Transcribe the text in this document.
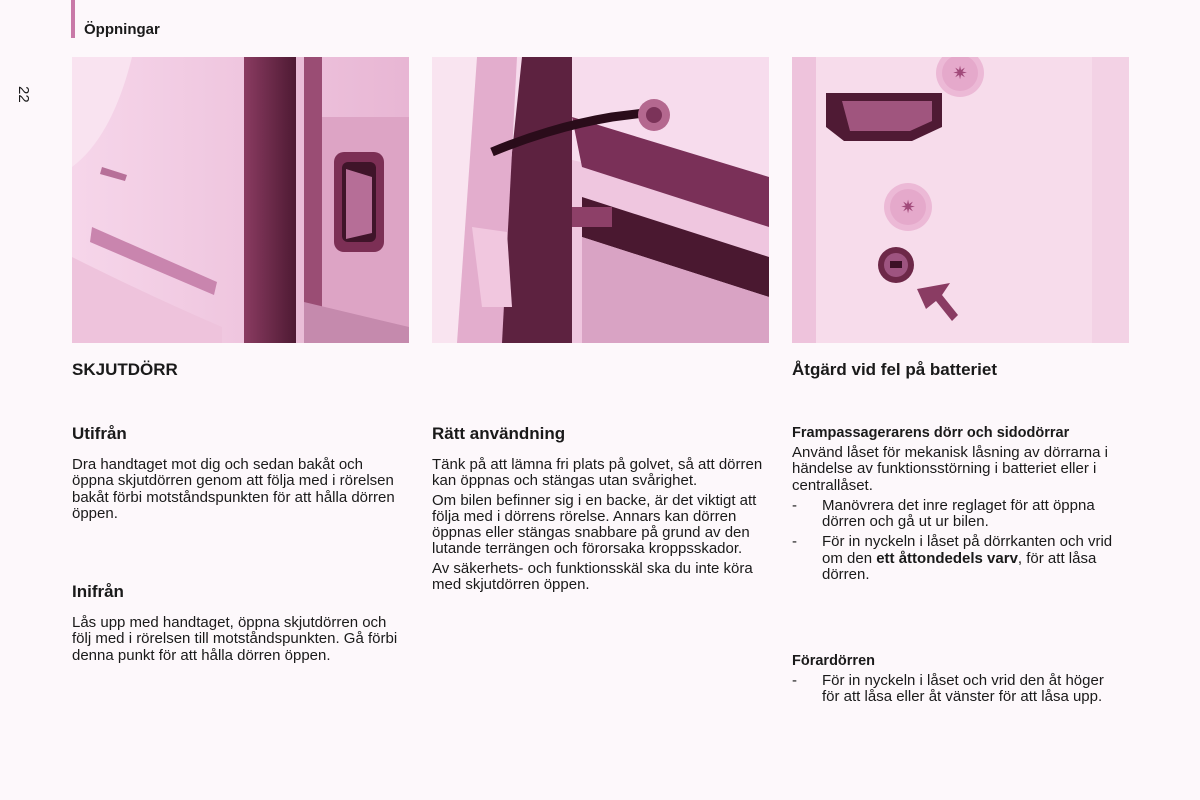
Öppningar
22
✷
✷
SKJUTDÖRR
Utifrån

Dra handtaget mot dig och sedan bakåt och öppna skjutdörren genom att följa med i rörelsen bakåt förbi motståndspunkten för att hålla dörren öppen.

Inifrån

Lås upp med handtaget, öppna skjutdörren och följ med i rörelsen till motståndspunkten. Gå förbi denna punkt för att hålla dörren öppen.

Rätt användning

Tänk på att lämna fri plats på golvet, så att dörren kan öppnas och stängas utan svårighet.

Om bilen befinner sig i en backe, är det viktigt att följa med i dörrens rörelse. Annars kan dörren öppnas eller stängas snabbare på grund av den lutande terrängen och förorsaka kroppsskador.

Av säkerhets- och funktionsskäl ska du inte köra med skjutdörren öppen.

Åtgärd vid fel på batteriet
Frampassagerarens dörr och sidodörrar

Använd låset för mekanisk låsning av dörrarna i händelse av funktionsstörning i batteriet eller i centrallåset.

- Manövrera det inre reglaget för att öppna dörren och gå ut ur bilen.
- För in nyckeln i låset på dörrkanten och vrid om den ett åttondedels varv, för att låsa dörren.
Förardörren
- För in nyckeln i låset och vrid den åt höger för att låsa eller åt vänster för att låsa upp.
